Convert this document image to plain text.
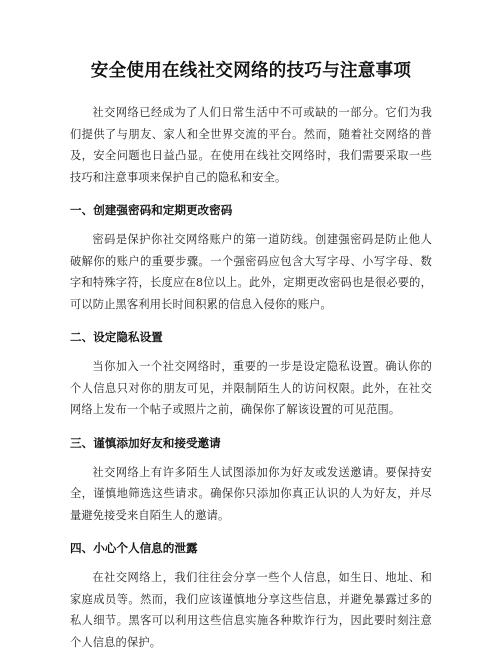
安全使用在线社交网络的技巧与注意事项

社交网络已经成为了人们日常生活中不可或缺的一部分。它们为我们提供了与朋友、家人和全世界交流的平台。然而，随着社交网络的普及，安全问题也日益凸显。在使用在线社交网络时，我们需要采取一些技巧和注意事项来保护自己的隐私和安全。

一、创建强密码和定期更改密码

密码是保护你社交网络账户的第一道防线。创建强密码是防止他人破解你的账户的重要步骤。一个强密码应包含大写字母、小写字母、数字和特殊字符，长度应在8位以上。此外，定期更改密码也是很必要的，可以防止黑客利用长时间积累的信息入侵你的账户。

二、设定隐私设置

当你加入一个社交网络时，重要的一步是设定隐私设置。确认你的个人信息只对你的朋友可见，并限制陌生人的访问权限。此外，在社交网络上发布一个帖子或照片之前，确保你了解该设置的可见范围。

三、谨慎添加好友和接受邀请

社交网络上有许多陌生人试图添加你为好友或发送邀请。要保持安全，谨慎地筛选这些请求。确保你只添加你真正认识的人为好友，并尽量避免接受来自陌生人的邀请。

四、小心个人信息的泄露

在社交网络上，我们往往会分享一些个人信息，如生日、地址、和家庭成员等。然而，我们应该谨慎地分享这些信息，并避免暴露过多的私人细节。黑客可以利用这些信息实施各种欺诈行为，因此要时刻注意个人信息的保护。
